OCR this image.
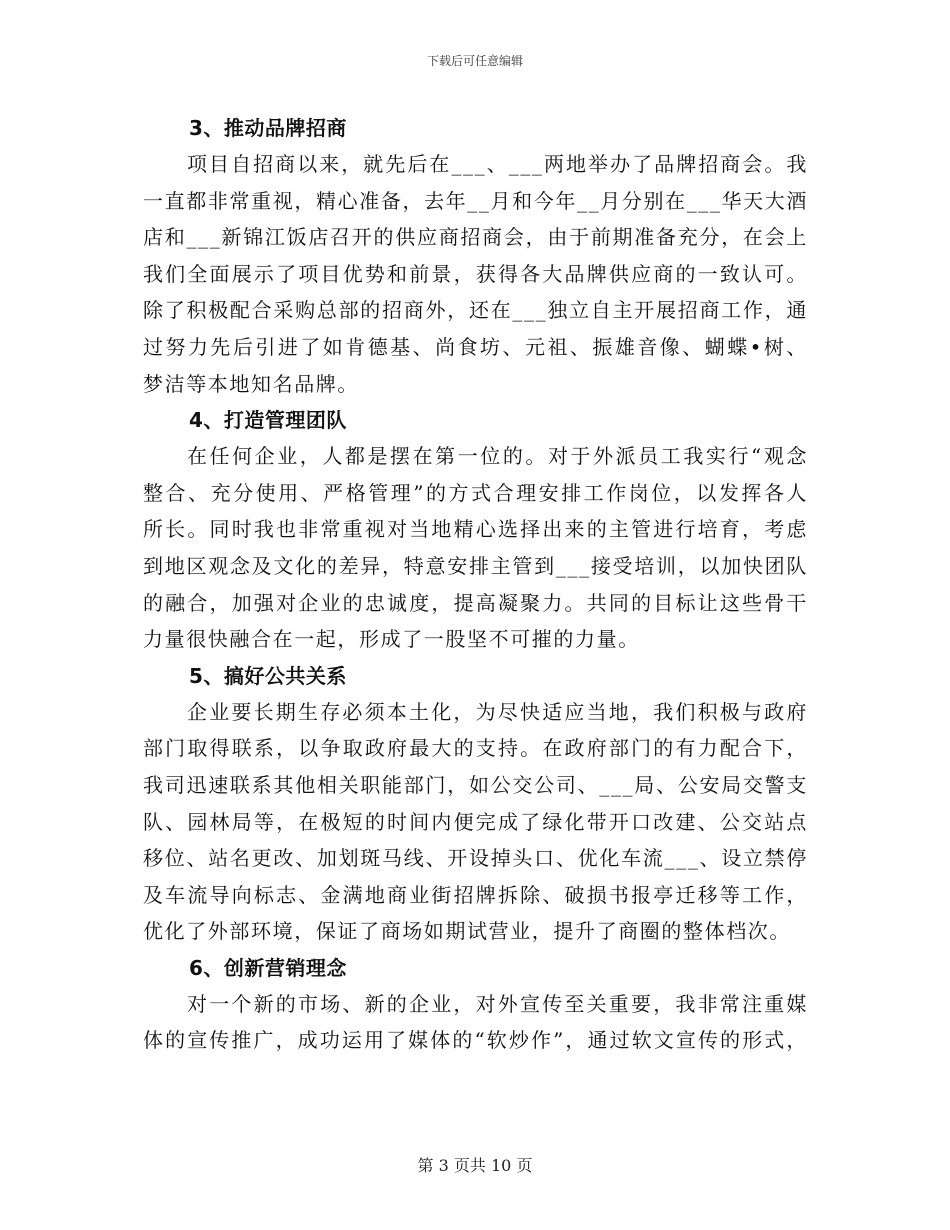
下载后可任意编辑
3、推动品牌招商
项目自招商以来，就先后在___、___两地举办了品牌招商会。我
一直都非常重视，精心准备，去年__月和今年__月分别在___华天大酒
店和___新锦江饭店召开的供应商招商会，由于前期准备充分，在会上
我们全面展示了项目优势和前景，获得各大品牌供应商的一致认可。
除了积极配合采购总部的招商外，还在___独立自主开展招商工作，通
过努力先后引进了如肯德基、尚食坊、元祖、振雄音像、蝴蝶•树、
梦洁等本地知名品牌。
4、打造管理团队
在任何企业，人都是摆在第一位的。对于外派员工我实行“观念
整合、充分使用、严格管理”的方式合理安排工作岗位，以发挥各人
所长。同时我也非常重视对当地精心选择出来的主管进行培育，考虑
到地区观念及文化的差异，特意安排主管到___接受培训，以加快团队
的融合，加强对企业的忠诚度，提高凝聚力。共同的目标让这些骨干
力量很快融合在一起，形成了一股坚不可摧的力量。
5、搞好公共关系
企业要长期生存必须本土化，为尽快适应当地，我们积极与政府
部门取得联系，以争取政府最大的支持。在政府部门的有力配合下，
我司迅速联系其他相关职能部门，如公交公司、___局、公安局交警支
队、园林局等，在极短的时间内便完成了绿化带开口改建、公交站点
移位、站名更改、加划斑马线、开设掉头口、优化车流___、设立禁停
及车流导向标志、金满地商业街招牌拆除、破损书报亭迁移等工作，
优化了外部环境，保证了商场如期试营业，提升了商圈的整体档次。
6、创新营销理念
对一个新的市场、新的企业，对外宣传至关重要，我非常注重媒
体的宣传推广，成功运用了媒体的“软炒作”，通过软文宣传的形式，
第 3 页共 10 页
